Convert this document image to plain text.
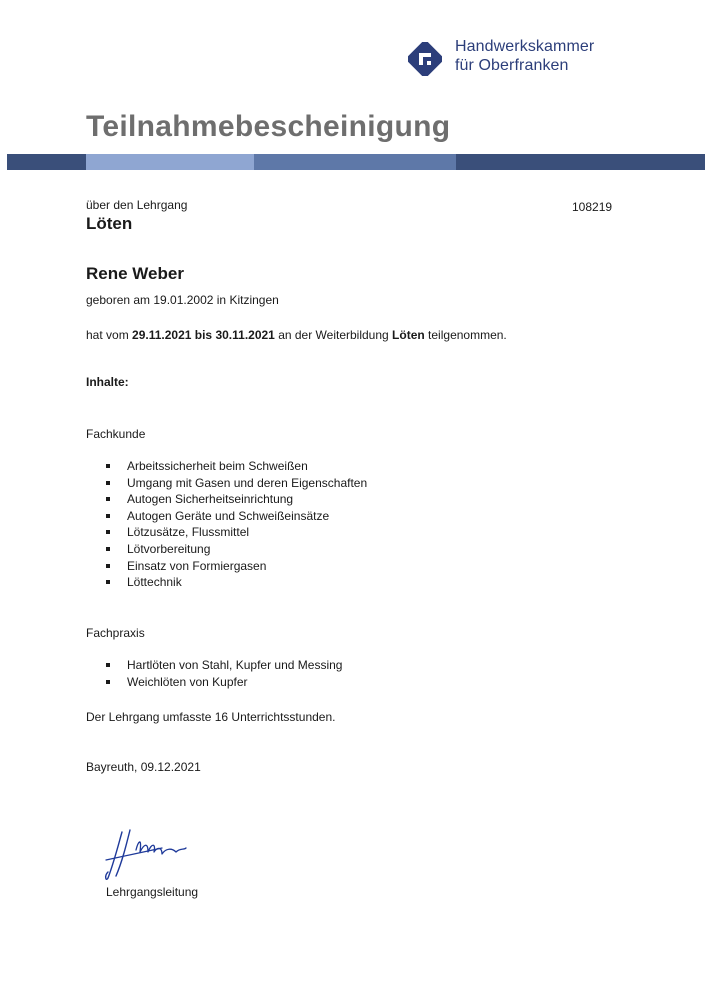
Handwerkskammer
für Oberfranken
Teilnahmebescheinigung
über den Lehrgang
Löten
108219
Rene Weber
geboren am 19.01.2002 in Kitzingen
hat vom 29.11.2021 bis 30.11.2021 an der Weiterbildung Löten teilgenommen.
Inhalte:
Fachkunde
Arbeitssicherheit beim Schweißen
Umgang mit Gasen und deren Eigenschaften
Autogen Sicherheitseinrichtung
Autogen Geräte und Schweißeinsätze
Lötzusätze, Flussmittel
Lötvorbereitung
Einsatz von Formiergasen
Löttechnik
Fachpraxis
Hartlöten von Stahl, Kupfer und Messing
Weichlöten von Kupfer
Der Lehrgang umfasste 16 Unterrichtsstunden.
Bayreuth, 09.12.2021
Lehrgangsleitung
